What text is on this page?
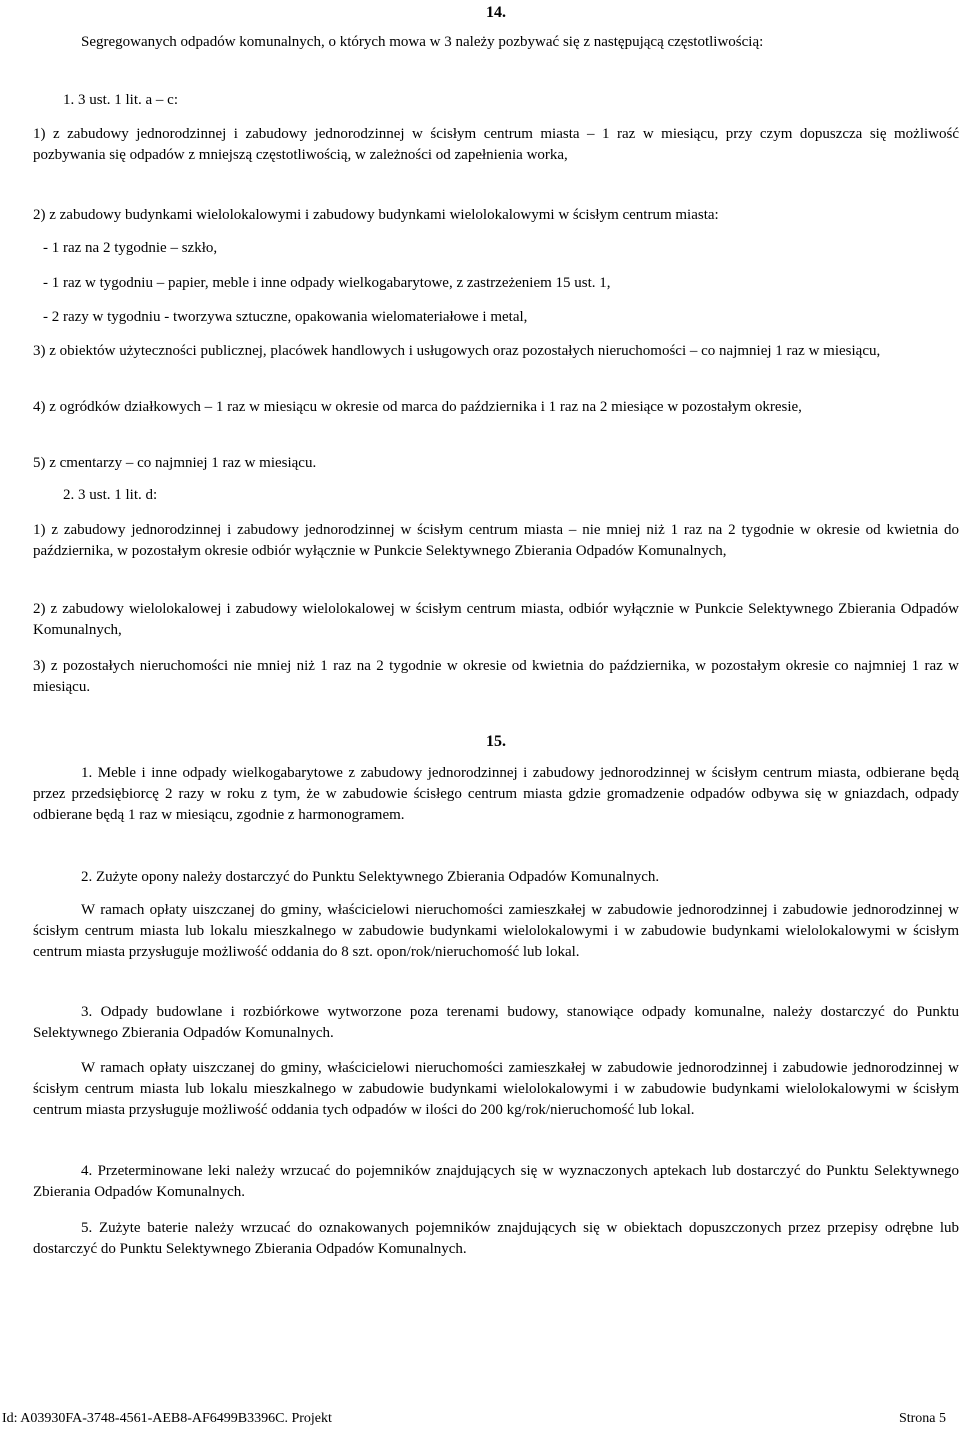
14.
Segregowanych odpadów komunalnych, o których mowa w 3 należy pozbywać się z następującą częstotliwością:
1. 3 ust. 1 lit. a – c:
1) z zabudowy jednorodzinnej i zabudowy jednorodzinnej w ścisłym centrum miasta – 1 raz w miesiącu, przy czym dopuszcza się możliwość pozbywania się odpadów z mniejszą częstotliwością, w zależności od zapełnienia worka,
2) z zabudowy budynkami wielolokalowymi i zabudowy budynkami wielolokalowymi w ścisłym centrum miasta:
- 1 raz na 2 tygodnie – szkło,
- 1 raz w tygodniu – papier, meble i inne odpady wielkogabarytowe, z zastrzeżeniem 15 ust. 1,
- 2 razy w tygodniu - tworzywa sztuczne, opakowania wielomateriałowe i metal,
3) z obiektów użyteczności publicznej, placówek handlowych i usługowych oraz pozostałych nieruchomości – co najmniej 1 raz w miesiącu,
4) z ogródków działkowych – 1 raz w miesiącu w okresie od marca do października i 1 raz na 2 miesiące w pozostałym okresie,
5) z cmentarzy – co najmniej 1 raz w miesiącu.
2. 3 ust. 1 lit. d:
1) z zabudowy jednorodzinnej i zabudowy jednorodzinnej w ścisłym centrum miasta – nie mniej niż 1 raz na 2 tygodnie w okresie od kwietnia do października, w pozostałym okresie odbiór wyłącznie w Punkcie Selektywnego Zbierania Odpadów Komunalnych,
2) z zabudowy wielolokalowej i zabudowy wielolokalowej w ścisłym centrum miasta, odbiór wyłącznie w Punkcie Selektywnego Zbierania Odpadów Komunalnych,
3) z pozostałych nieruchomości nie mniej niż 1 raz na 2 tygodnie w okresie od kwietnia do października, w pozostałym okresie co najmniej 1 raz w miesiącu.
15.
1. Meble i inne odpady wielkogabarytowe z zabudowy jednorodzinnej i zabudowy jednorodzinnej w ścisłym centrum miasta, odbierane będą przez przedsiębiorcę 2 razy w roku z tym, że w zabudowie ścisłego centrum miasta gdzie gromadzenie odpadów odbywa się w gniazdach, odpady odbierane będą 1 raz w miesiącu, zgodnie z harmonogramem.
2. Zużyte opony należy dostarczyć do Punktu Selektywnego Zbierania Odpadów Komunalnych.
W ramach opłaty uiszczanej do gminy, właścicielowi nieruchomości zamieszkałej w zabudowie jednorodzinnej i zabudowie jednorodzinnej w ścisłym centrum miasta lub lokalu mieszkalnego w zabudowie budynkami wielolokalowymi i w zabudowie budynkami wielolokalowymi w ścisłym centrum miasta przysługuje możliwość oddania do 8 szt. opon/rok/nieruchomość lub lokal.
3. Odpady budowlane i rozbiórkowe wytworzone poza terenami budowy, stanowiące odpady komunalne, należy dostarczyć do Punktu Selektywnego Zbierania Odpadów Komunalnych.
W ramach opłaty uiszczanej do gminy, właścicielowi nieruchomości zamieszkałej w zabudowie jednorodzinnej i zabudowie jednorodzinnej w ścisłym centrum miasta lub lokalu mieszkalnego w zabudowie budynkami wielolokalowymi i w zabudowie budynkami wielolokalowymi w ścisłym centrum miasta przysługuje możliwość oddania tych odpadów w ilości do 200 kg/rok/nieruchomość lub lokal.
4. Przeterminowane leki należy wrzucać do pojemników znajdujących się w wyznaczonych aptekach lub dostarczyć do Punktu Selektywnego Zbierania Odpadów Komunalnych.
5. Zużyte baterie należy wrzucać do oznakowanych pojemników znajdujących się w obiektach dopuszczonych przez przepisy odrębne lub dostarczyć do Punktu Selektywnego Zbierania Odpadów Komunalnych.
Id: A03930FA-3748-4561-AEB8-AF6499B3396C. Projekt	Strona 5
